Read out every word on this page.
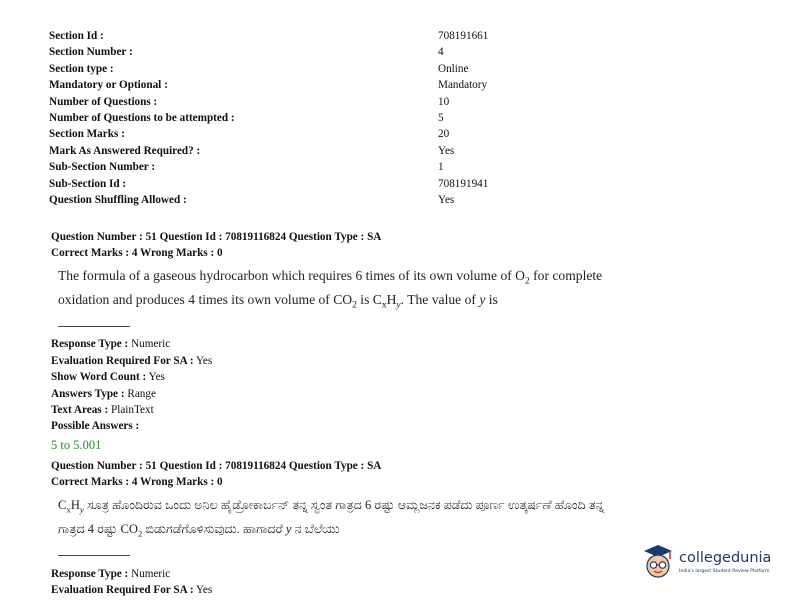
Section Id :	708191661
Section Number :	4
Section type :	Online
Mandatory or Optional :	Mandatory
Number of Questions :	10
Number of Questions to be attempted :	5
Section Marks :	20
Mark As Answered Required? :	Yes
Sub-Section Number :	1
Sub-Section Id :	708191941
Question Shuffling Allowed :	Yes
Question Number : 51 Question Id : 70819116824 Question Type : SA
Correct Marks : 4 Wrong Marks : 0
The formula of a gaseous hydrocarbon which requires 6 times of its own volume of $O_2$ for complete oxidation and produces 4 times its own volume of $CO_2$ is $C_xH_y$. The value of y is

Response Type : Numeric
Evaluation Required For SA : Yes
Show Word Count : Yes
Answers Type : Range
Text Areas : PlainText
Possible Answers :
5 to 5.001
Question Number : 51 Question Id : 70819116824 Question Type : SA
Correct Marks : 4 Wrong Marks : 0
$C_xH_y$ ಸೂತ್ರ ಹೊಂದಿರುವ ಒಂದು ಅನಿಲ ಹೈಡ್ರೋಕಾರ್ಬನ್ ತನ್ನ ಸ್ವಂತ ಗಾತ್ರದ 6 ರಷ್ಟು ಆಮ್ಲಜನಕ ಪಡೆದು ಪೂರ್ಣ ಉತ್ಕರ್ಷಣೆ ಹೊಂದಿ ತನ್ನ ಗಾತ್ರದ 4 ರಷ್ಟು $CO_2$ ಬಿಡುಗಡೆಗೊಳಿಸುವುದು. ಹಾಗಾದರೆ y ನ ಬೆಲೆಯು

Response Type : Numeric
Evaluation Required For SA : Yes
collegedunia
India's largest Student Review Platform
